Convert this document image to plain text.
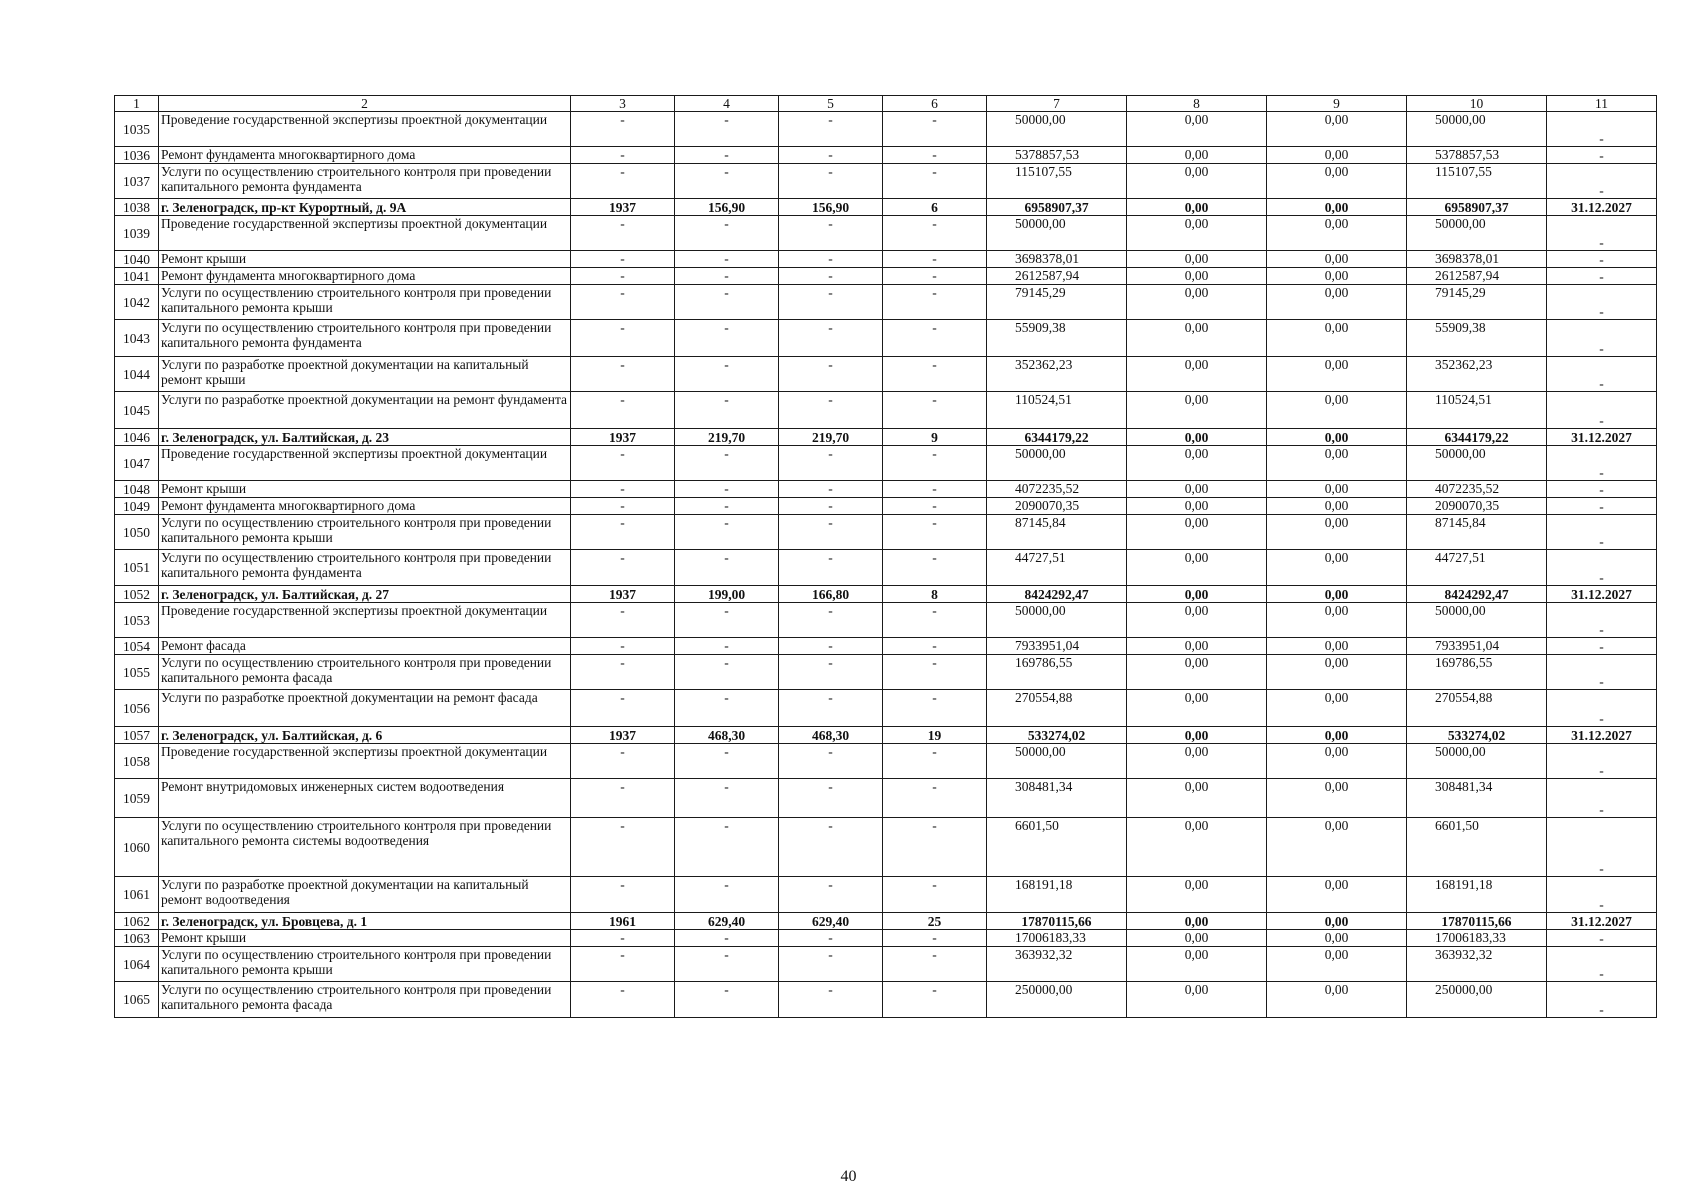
1	2	3	4	5	6	7	8	9	10	11
1035	Проведение государственной экспертизы проектной документации	-	-	-	-	50000,00	0,00	0,00	50000,00	-
1036	Ремонт фундамента многоквартирного дома	-	-	-	-	5378857,53	0,00	0,00	5378857,53	-
1037	Услуги по осуществлению строительного контроля при проведении капитального ремонта фундамента	-	-	-	-	115107,55	0,00	0,00	115107,55	-
1038	г. Зеленоградск, пр-кт Курортный, д. 9А	1937	156,90	156,90	6	6958907,37	0,00	0,00	6958907,37	31.12.2027
1039	Проведение государственной экспертизы проектной документации	-	-	-	-	50000,00	0,00	0,00	50000,00	-
1040	Ремонт крыши	-	-	-	-	3698378,01	0,00	0,00	3698378,01	-
1041	Ремонт фундамента многоквартирного дома	-	-	-	-	2612587,94	0,00	0,00	2612587,94	-
1042	Услуги по осуществлению строительного контроля при проведении капитального ремонта крыши	-	-	-	-	79145,29	0,00	0,00	79145,29	-
1043	Услуги по осуществлению строительного контроля при проведении капитального ремонта фундамента	-	-	-	-	55909,38	0,00	0,00	55909,38	-
1044	Услуги по разработке проектной документации на капитальный ремонт крыши	-	-	-	-	352362,23	0,00	0,00	352362,23	-
1045	Услуги по разработке проектной документации на ремонт фундамента	-	-	-	-	110524,51	0,00	0,00	110524,51	-
1046	г. Зеленоградск, ул. Балтийская, д. 23	1937	219,70	219,70	9	6344179,22	0,00	0,00	6344179,22	31.12.2027
1047	Проведение государственной экспертизы проектной документации	-	-	-	-	50000,00	0,00	0,00	50000,00	-
1048	Ремонт крыши	-	-	-	-	4072235,52	0,00	0,00	4072235,52	-
1049	Ремонт фундамента многоквартирного дома	-	-	-	-	2090070,35	0,00	0,00	2090070,35	-
1050	Услуги по осуществлению строительного контроля при проведении капитального ремонта крыши	-	-	-	-	87145,84	0,00	0,00	87145,84	-
1051	Услуги по осуществлению строительного контроля при проведении капитального ремонта фундамента	-	-	-	-	44727,51	0,00	0,00	44727,51	-
1052	г. Зеленоградск, ул. Балтийская, д. 27	1937	199,00	166,80	8	8424292,47	0,00	0,00	8424292,47	31.12.2027
1053	Проведение государственной экспертизы проектной документации	-	-	-	-	50000,00	0,00	0,00	50000,00	-
1054	Ремонт фасада	-	-	-	-	7933951,04	0,00	0,00	7933951,04	-
1055	Услуги по осуществлению строительного контроля при проведении капитального ремонта фасада	-	-	-	-	169786,55	0,00	0,00	169786,55	-
1056	Услуги по разработке проектной документации на ремонт фасада	-	-	-	-	270554,88	0,00	0,00	270554,88	-
1057	г. Зеленоградск, ул. Балтийская, д. 6	1937	468,30	468,30	19	533274,02	0,00	0,00	533274,02	31.12.2027
1058	Проведение государственной экспертизы проектной документации	-	-	-	-	50000,00	0,00	0,00	50000,00	-
1059	Ремонт внутридомовых инженерных систем водоотведения	-	-	-	-	308481,34	0,00	0,00	308481,34	-
1060	Услуги по осуществлению строительного контроля при проведении капитального ремонта системы водоотведения	-	-	-	-	6601,50	0,00	0,00	6601,50	-
1061	Услуги по разработке проектной документации на капитальный ремонт водоотведения	-	-	-	-	168191,18	0,00	0,00	168191,18	-
1062	г. Зеленоградск, ул. Бровцева, д. 1	1961	629,40	629,40	25	17870115,66	0,00	0,00	17870115,66	31.12.2027
1063	Ремонт крыши	-	-	-	-	17006183,33	0,00	0,00	17006183,33	-
1064	Услуги по осуществлению строительного контроля при проведении капитального ремонта крыши	-	-	-	-	363932,32	0,00	0,00	363932,32	-
1065	Услуги по осуществлению строительного контроля при проведении капитального ремонта фасада	-	-	-	-	250000,00	0,00	0,00	250000,00	-
40
